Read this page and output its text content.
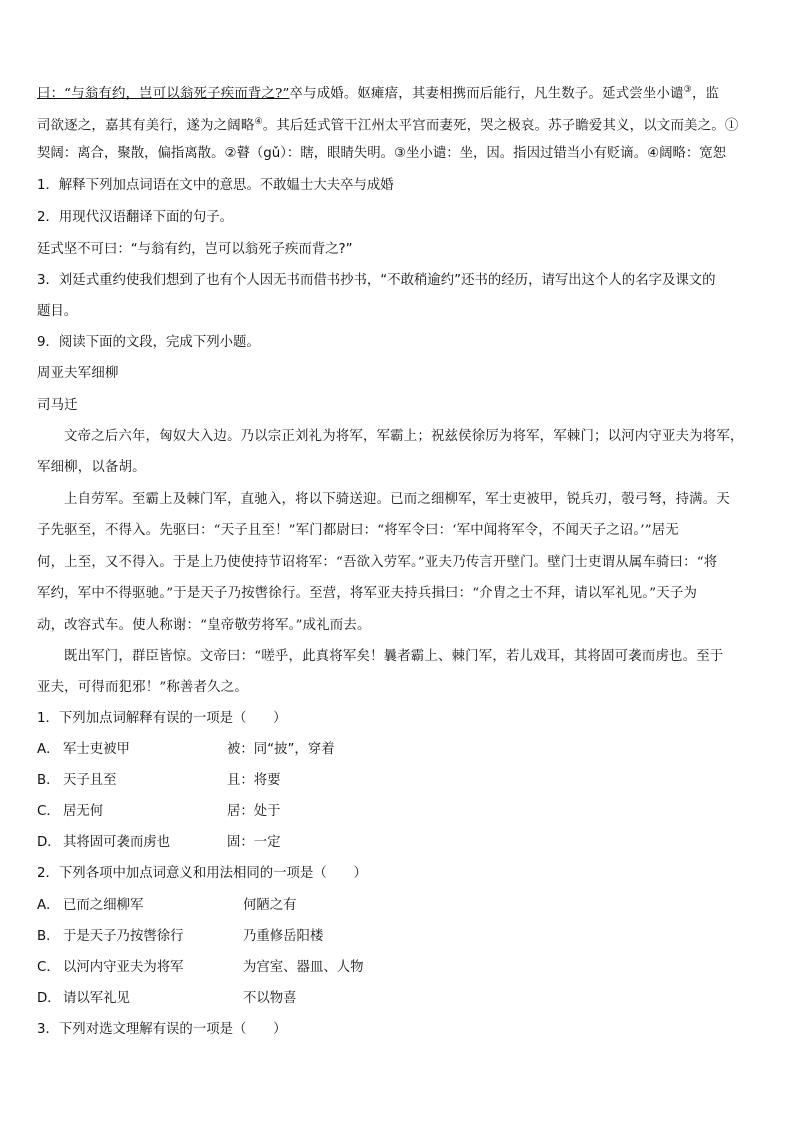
曰：“与翁有约，岂可以翁死子疾而背之?”卒与成婚。妪瘫瘖，其妻相携而后能行，凡生数子。延式尝坐小谴③，监
司欲逐之，嘉其有美行，遂为之阔略④。其后廷式管干江州太平宫而妻死，哭之极哀。苏子瞻爱其义，以文而美之。①
契阔：离合，聚散，偏指离散。②瞽（gǔ）：瞎，眼睛失明。③坐小谴：坐，因。指因过错当小有贬谪。④阔略：宽恕
1．解释下列加点词语在文中的意思。不敢媪士大夫卒与成婚
2．用现代汉语翻译下面的句子。
廷式坚不可曰：“与翁有约，岂可以翁死子疾而背之?”
3．刘廷式重约使我们想到了也有个人因无书而借书抄书，“不敢稍逾约”还书的经历，请写出这个人的名字及课文的
题目。
9．阅读下面的文段，完成下列小题。
周亚夫军细柳
司马迁
文帝之后六年，匈奴大入边。乃以宗正刘礼为将军，军霸上；祝兹侯徐厉为将军，军棘门；以河内守亚夫为将军，
军细柳，以备胡。
上自劳军。至霸上及棘门军，直驰入，将以下骑送迎。已而之细柳军，军士吏被甲，锐兵刃，彀弓弩，持满。天
子先驱至，不得入。先驱曰：“天子且至！”军门都尉曰：“将军令曰：‘军中闻将军令，不闻天子之诏。’”居无
何，上至，又不得入。于是上乃使使持节诏将军：“吾欲入劳军。”亚夫乃传言开壁门。壁门士吏谓从属车骑曰：“将
军约，军中不得驱驰。”于是天子乃按辔徐行。至营，将军亚夫持兵揖曰：“介胄之士不拜，请以军礼见。”天子为
动，改容式车。使人称谢：“皇帝敬劳将军。”成礼而去。
既出军门，群臣皆惊。文帝曰：“嗟乎，此真将军矣！曩者霸上、棘门军，若儿戏耳，其将固可袭而虏也。至于
亚夫，可得而犯邪！”称善者久之。
1．下列加点词解释有误的一项是（　　）
A． 军士吏被甲	被：同“披”，穿着
B． 天子且至	且：将要
C． 居无何	居：处于
D． 其将固可袭而虏也	固：一定
2．下列各项中加点词意义和用法相同的一项是（　　）
A． 已而之细柳军	何陋之有
B． 于是天子乃按辔徐行	乃重修岳阳楼
C． 以河内守亚夫为将军	为宫室、器皿、人物
D． 请以军礼见	不以物喜
3．下列对选文理解有误的一项是（　　）
